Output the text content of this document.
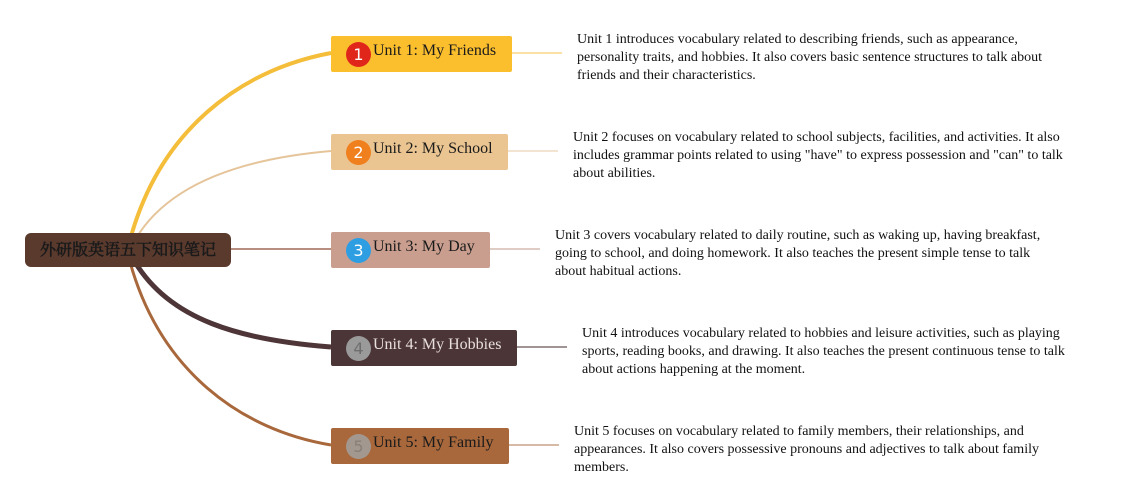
外研版英语五下知识笔记
1 Unit 1: My Friends
Unit 1 introduces vocabulary related to describing friends, such as appearance, personality traits, and hobbies. It also covers basic sentence structures to talk about friends and their characteristics.
2 Unit 2: My School
Unit 2 focuses on vocabulary related to school subjects, facilities, and activities. It also includes grammar points related to using "have" to express possession and "can" to talk about abilities.
3 Unit 3: My Day
Unit 3 covers vocabulary related to daily routine, such as waking up, having breakfast, going to school, and doing homework. It also teaches the present simple tense to talk about habitual actions.
4 Unit 4: My Hobbies
Unit 4 introduces vocabulary related to hobbies and leisure activities, such as playing sports, reading books, and drawing. It also teaches the present continuous tense to talk about actions happening at the moment.
5 Unit 5: My Family
Unit 5 focuses on vocabulary related to family members, their relationships, and appearances. It also covers possessive pronouns and adjectives to talk about family members.
